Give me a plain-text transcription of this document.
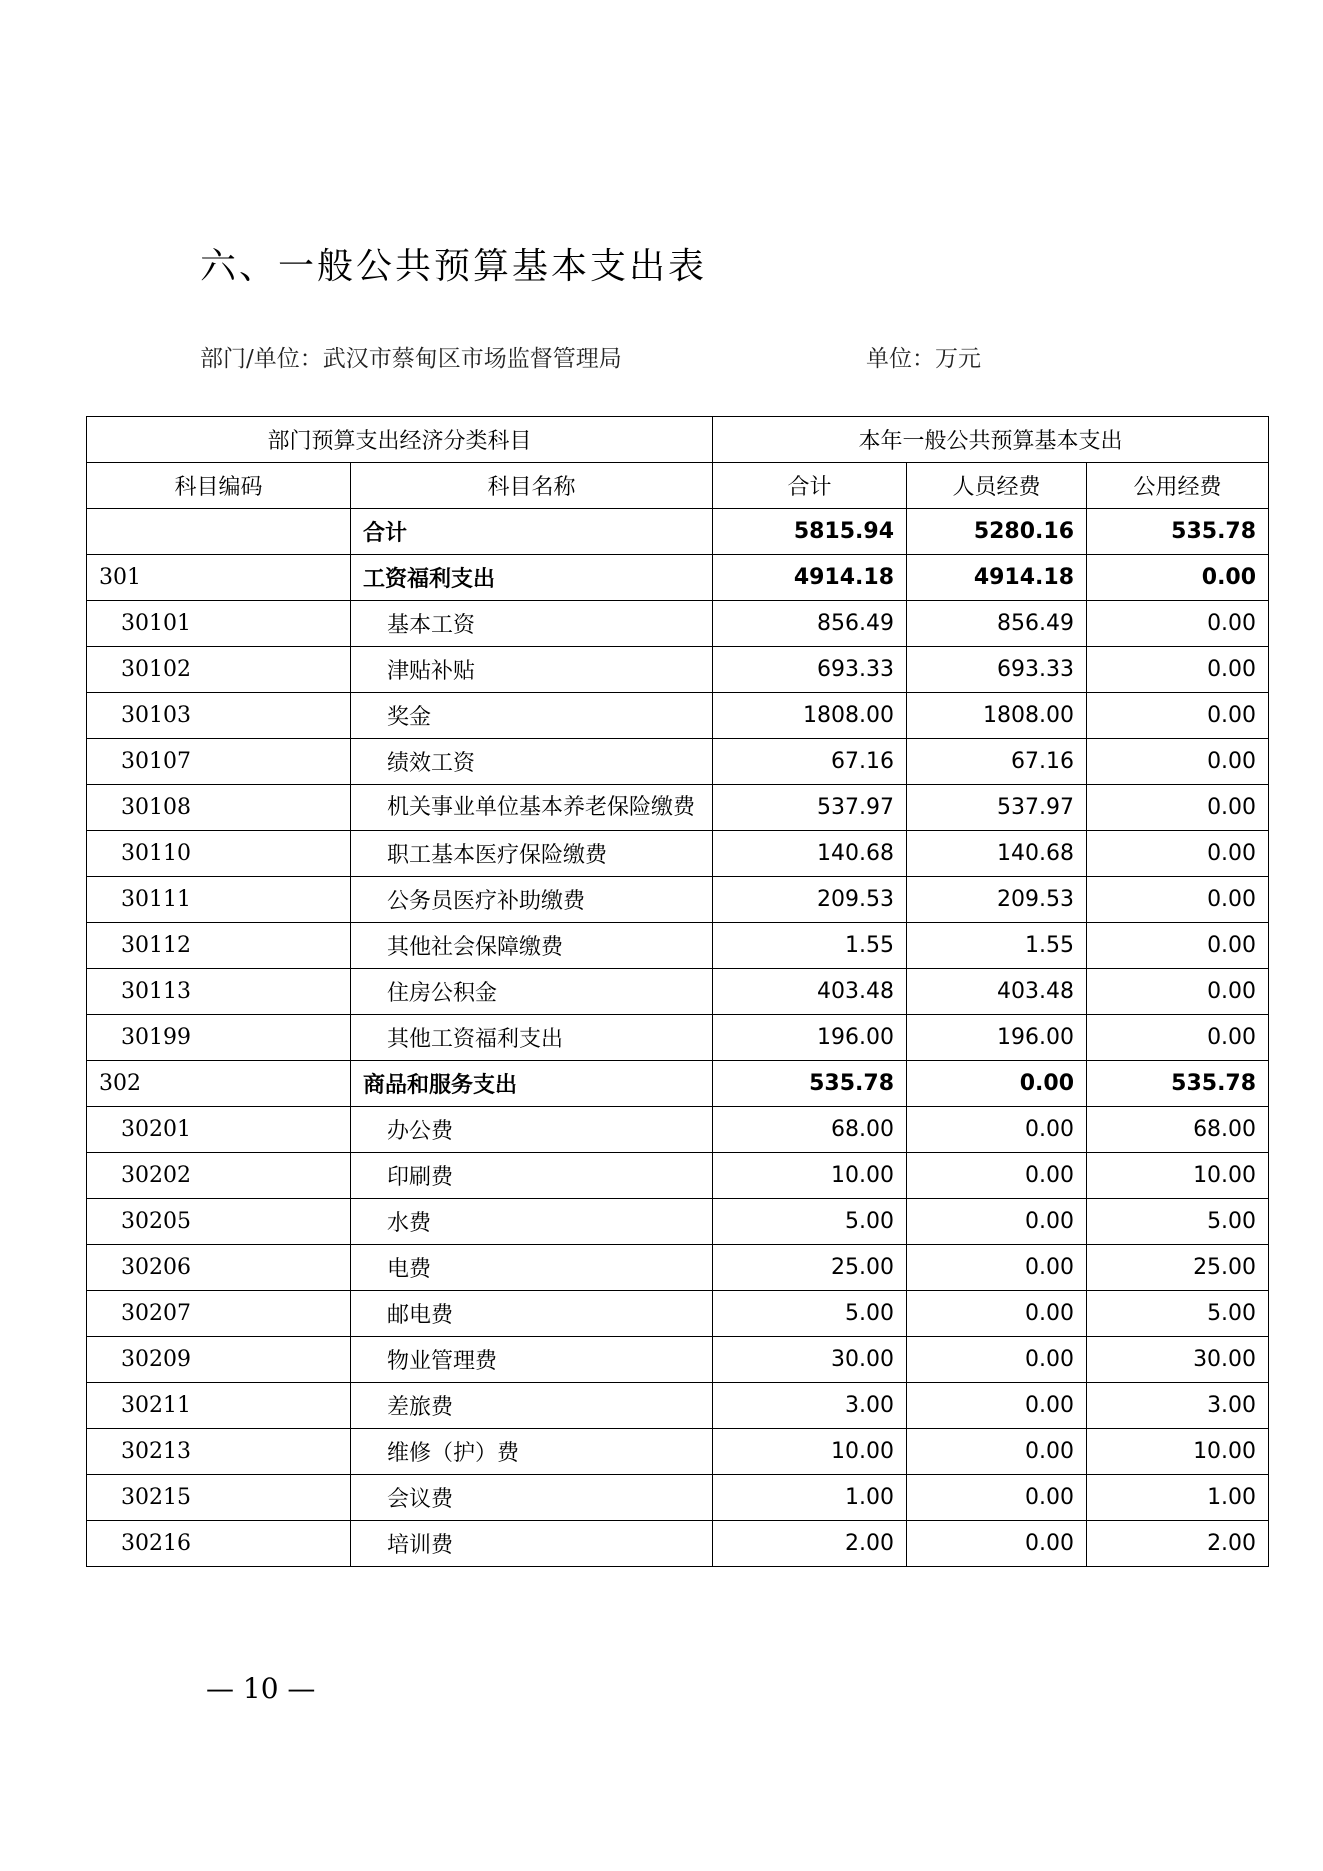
六、一般公共预算基本支出表

部门/单位：武汉市蔡甸区市场监督管理局	单位：万元

部门预算支出经济分类科目		本年一般公共预算基本支出		
科目编码	科目名称	合计	人员经费	公用经费
	合计	5815.94	5280.16	535.78
301	工资福利支出	4914.18	4914.18	0.00
30101	基本工资	856.49	856.49	0.00
30102	津贴补贴	693.33	693.33	0.00
30103	奖金	1808.00	1808.00	0.00
30107	绩效工资	67.16	67.16	0.00
30108	机关事业单位基本养老保险缴费	537.97	537.97	0.00
30110	职工基本医疗保险缴费	140.68	140.68	0.00
30111	公务员医疗补助缴费	209.53	209.53	0.00
30112	其他社会保障缴费	1.55	1.55	0.00
30113	住房公积金	403.48	403.48	0.00
30199	其他工资福利支出	196.00	196.00	0.00
302	商品和服务支出	535.78	0.00	535.78
30201	办公费	68.00	0.00	68.00
30202	印刷费	10.00	0.00	10.00
30205	水费	5.00	0.00	5.00
30206	电费	25.00	0.00	25.00
30207	邮电费	5.00	0.00	5.00
30209	物业管理费	30.00	0.00	30.00
30211	差旅费	3.00	0.00	3.00
30213	维修（护）费	10.00	0.00	10.00
30215	会议费	1.00	0.00	1.00
30216	培训费	2.00	0.00	2.00

— 10 —
